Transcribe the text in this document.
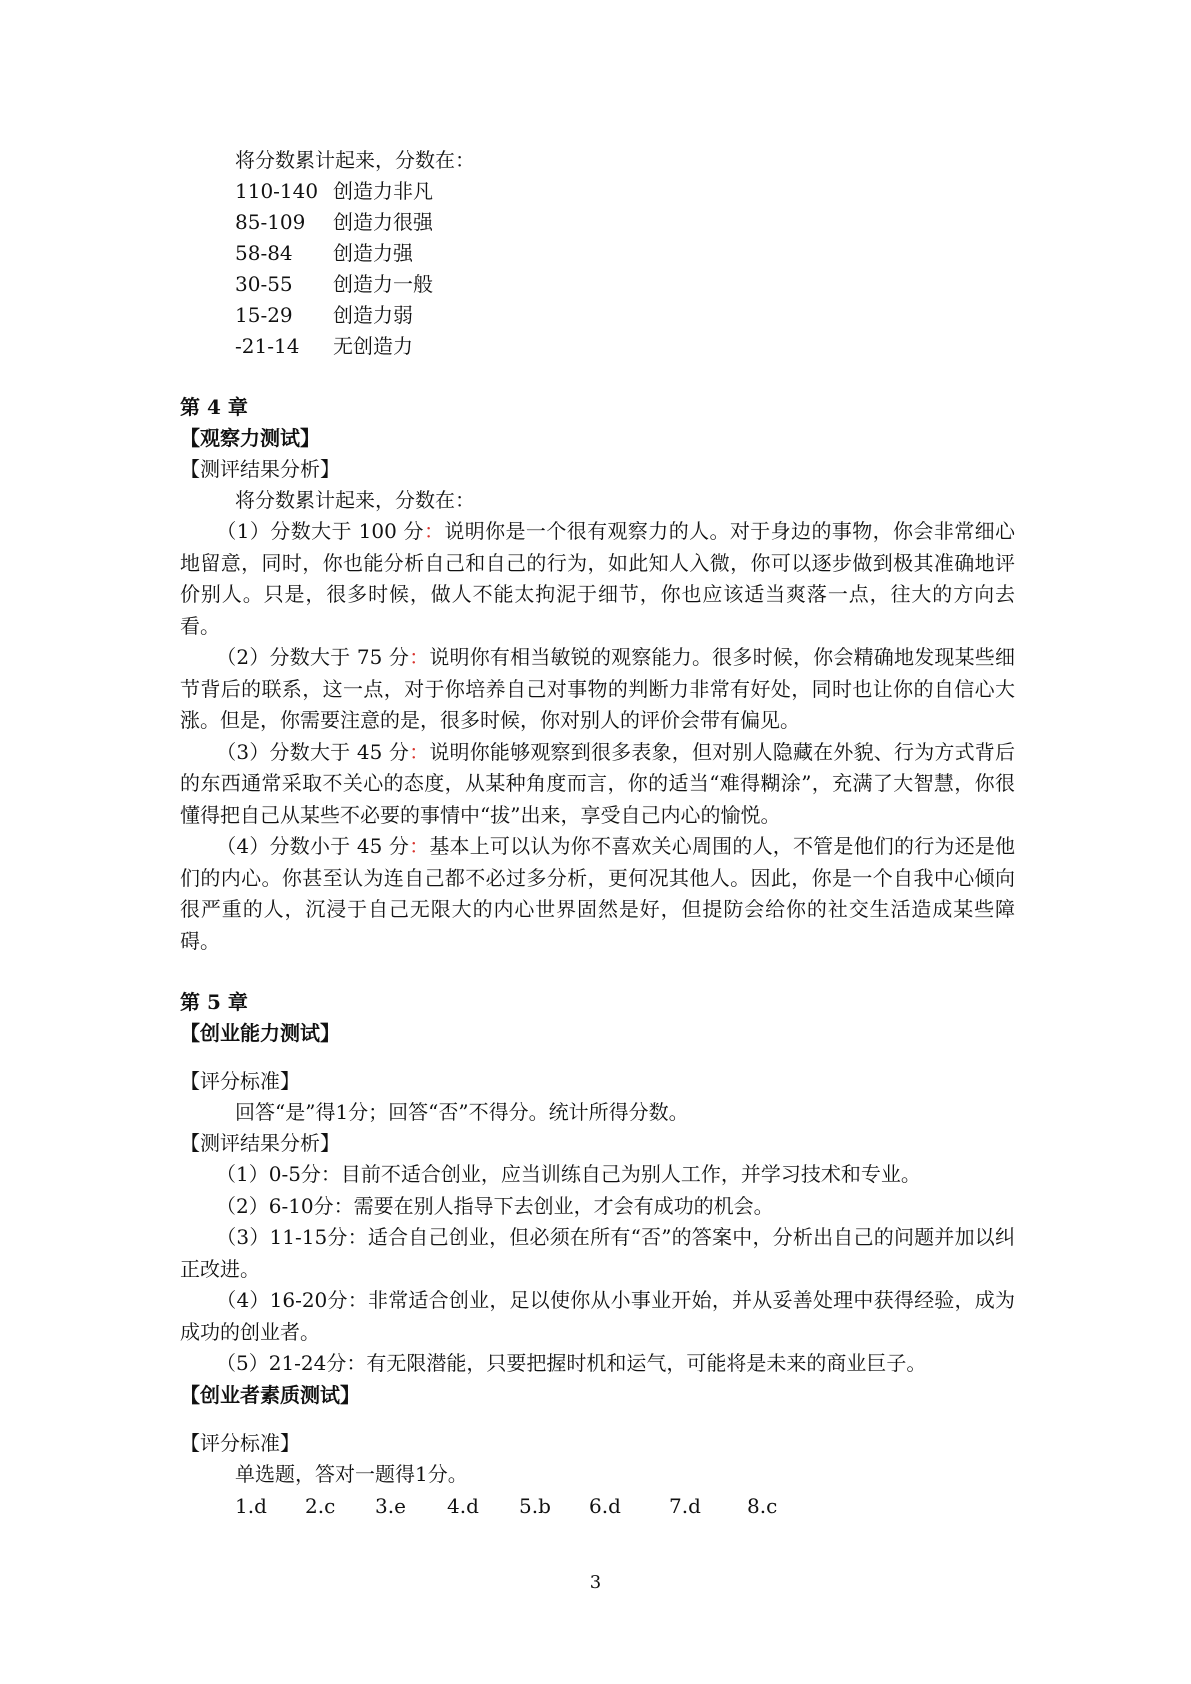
将分数累计起来，分数在：
110-140 创造力非凡
85-109 创造力很强
58-84 创造力强
30-55 创造力一般
15-29 创造力弱
-21-14 无创造力
第 4 章
【观察力测试】
【测评结果分析】
将分数累计起来，分数在：
（1）分数大于 100 分：说明你是一个很有观察力的人。对于身边的事物，你会非常细心地留意，同时，你也能分析自己和自己的行为，如此知人入微，你可以逐步做到极其准确地评价别人。只是，很多时候，做人不能太拘泥于细节，你也应该适当爽落一点，往大的方向去看。
（2）分数大于 75 分：说明你有相当敏锐的观察能力。很多时候，你会精确地发现某些细节背后的联系，这一点，对于你培养自己对事物的判断力非常有好处，同时也让你的自信心大涨。但是，你需要注意的是，很多时候，你对别人的评价会带有偏见。
（3）分数大于 45 分：说明你能够观察到很多表象，但对别人隐藏在外貌、行为方式背后的东西通常采取不关心的态度，从某种角度而言，你的适当“难得糊涂”，充满了大智慧，你很懂得把自己从某些不必要的事情中“拔”出来，享受自己内心的愉悦。
（4）分数小于 45 分：基本上可以认为你不喜欢关心周围的人，不管是他们的行为还是他们的内心。你甚至认为连自己都不必过多分析，更何况其他人。因此，你是一个自我中心倾向很严重的人，沉浸于自己无限大的内心世界固然是好，但提防会给你的社交生活造成某些障碍。
第 5 章
【创业能力测试】
【评分标准】
回答“是”得1分；回答“否”不得分。统计所得分数。
【测评结果分析】
（1）0-5分：目前不适合创业，应当训练自己为别人工作，并学习技术和专业。
（2）6-10分：需要在别人指导下去创业，才会有成功的机会。
（3）11-15分：适合自己创业，但必须在所有“否”的答案中，分析出自己的问题并加以纠正改进。
（4）16-20分：非常适合创业，足以使你从小事业开始，并从妥善处理中获得经验，成为成功的创业者。
（5）21-24分：有无限潜能，只要把握时机和运气，可能将是未来的商业巨子。
【创业者素质测试】
【评分标准】
单选题，答对一题得1分。
1.d 2.c 3.e 4.d 5.b 6.d 7.d 8.c
3
